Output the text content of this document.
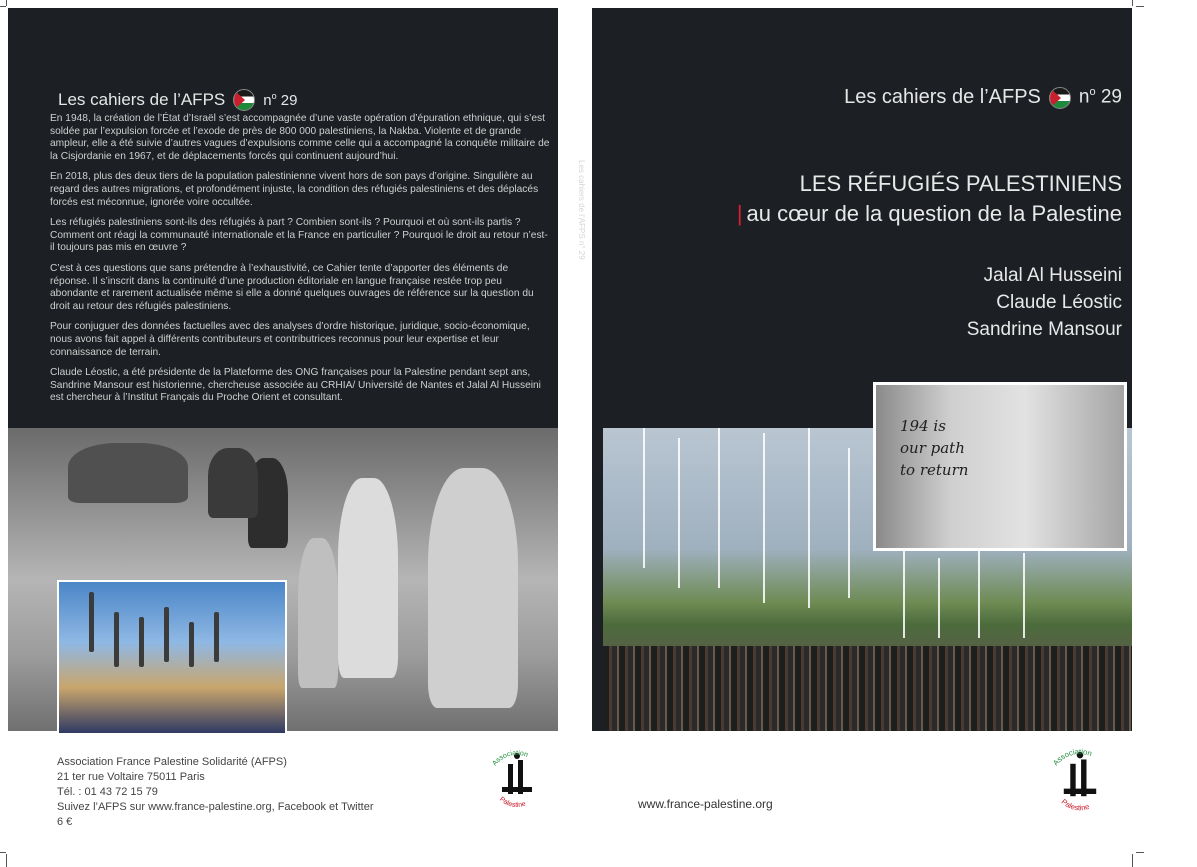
Les cahiers de l’AFPS	$n^o$ 29

En 1948, la création de l’État d’Israël s’est accompagnée d’une vaste opération d’épuration ethnique, qui s’est soldée par l’expulsion forcée et l’exode de près de 800 000 palestiniens, la Nakba. Violente et de grande ampleur, elle a été suivie d’autres vagues d’expulsions comme celle qui a accompagné la conquête militaire de la Cisjordanie en 1967, et de déplacements forcés qui continuent aujourd’hui.

En 2018, plus des deux tiers de la population palestinienne vivent hors de son pays d’origine. Singulière au regard des autres migrations, et profondément injuste, la condition des réfugiés palestiniens et des déplacés forcés est méconnue, ignorée voire occultée.

Les réfugiés palestiniens sont-ils des réfugiés à part ? Combien sont-ils ? Pourquoi et où sont-ils partis ? Comment ont réagi la communauté internationale et la France en particulier ? Pourquoi le droit au retour n’est-il toujours pas mis en œuvre ?

C’est à ces questions que sans prétendre à l’exhaustivité, ce Cahier tente d’apporter des éléments de réponse. Il s’inscrit dans la continuité d’une production éditoriale en langue française restée trop peu abondante et rarement actualisée même si elle a donné quelques ouvrages de référence sur la question du droit au retour des réfugiés palestiniens.

Pour conjuguer des données factuelles avec des analyses d’ordre historique, juridique, socio-économique, nous avons fait appel à différents contributeurs et contributrices reconnus pour leur expertise et leur connaissance de terrain.

Claude Léostic, a été présidente de la Plateforme des ONG françaises pour la Palestine pendant sept ans, Sandrine Mansour est historienne, chercheuse associée au CRHIA/ Université de Nantes et Jalal Al Husseini est chercheur à l’Institut Français du Proche Orient et consultant.

Association France Palestine Solidarité (AFPS)
21 ter rue Voltaire 75011 Paris
Tél. : 01 43 72 15 79
Suivez l’AFPS sur www.france-palestine.org, Facebook et Twitter
6 €
Association
Palestine
Les cahiers de l’AFPS n° 29
Les cahiers de l’AFPS $n^o$ 29
LES RÉFUGIÉS PALESTINIENS
| au cœur de la question de la Palestine
Jalal Al Husseini
Claude Léostic
Sandrine Mansour
194 is
our path
to return
www.france-palestine.org
Association
Palestine
